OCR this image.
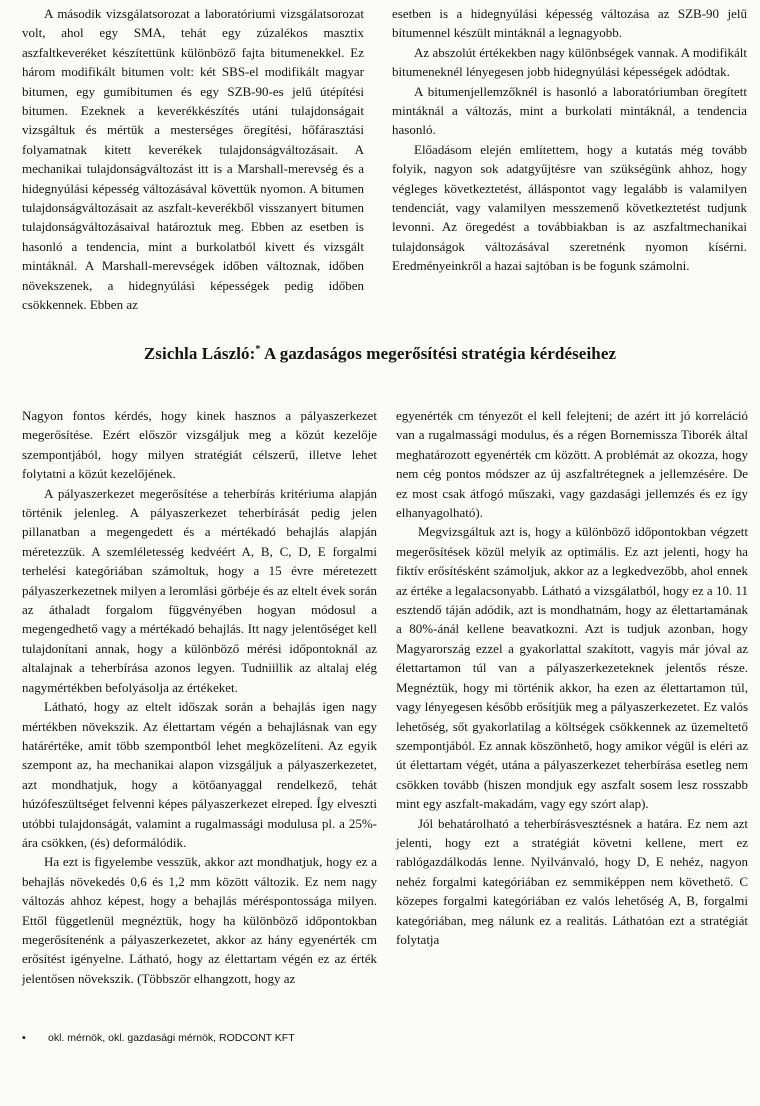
A második vizsgálatsorozat a laboratóriumi vizsgálatsorozat volt, ahol egy SMA, tehát egy zúzalékos masztix aszfaltkeveréket készítettünk különböző fajta bitumenekkel. Ez három modifikált bitumen volt: két SBS-el modifikált magyar bitumen, egy gumibitumen és egy SZB-90-es jelű útépítési bitumen. Ezeknek a keverékkészítés utáni tulajdonságait vizsgáltuk és mértük a mesterséges öregítési, hőfárasztási folyamatnak kitett keverékek tulajdonságváltozásait. A mechanikai tulajdonságváltozást itt is a Marshall-merevség és a hidegnyúlási képesség változásával követtük nyomon. A bitumen tulajdonságváltozásait az aszfalt-keverékből visszanyert bitumen tulajdonságváltozásaival határoztuk meg. Ebben az esetben is hasonló a tendencia, mint a burkolatból kivett és vizsgált mintáknál. A Marshall-merevségek időben változnak, időben növekszenek, a hidegnyúlási képességek pedig időben csökkennek. Ebben az

esetben is a hidegnyúlási képesség változása az SZB-90 jelű bitumennel készült mintáknál a legnagyobb.

Az abszolút értékekben nagy különbségek vannak. A modifikált bitumeneknél lényegesen jobb hidegnyúlási képességek adódtak.

A bitumenjellemzőknél is hasonló a laboratóriumban öregített mintáknál a változás, mint a burkolati mintáknál, a tendencia hasonló.

Előadásom elején említettem, hogy a kutatás még tovább folyik, nagyon sok adatgyűjtésre van szükségünk ahhoz, hogy végleges következtetést, álláspontot vagy legalább is valamilyen tendenciát, vagy valamilyen messzemenő következtetést tudjunk levonni. Az öregedést a továbbiakban is az aszfaltmechanikai tulajdonságok változásával szeretnénk nyomon kísérni. Eredményeinkről a hazai sajtóban is be fogunk számolni.

Zsichla László:* A gazdaságos megerősítési stratégia kérdéseihez

Nagyon fontos kérdés, hogy kinek hasznos a pályaszerkezet megerősítése. Ezért először vizsgáljuk meg a közút kezelője szempontjából, hogy milyen stratégiát célszerű, illetve lehet folytatni a közút kezelőjének.

A pályaszerkezet megerősítése a teherbírás kritériuma alapján történik jelenleg. A pályaszerkezet teherbírását pedig jelen pillanatban a megengedett és a mértékadó behajlás alapján méretezzük. A szemléletesség kedvéért A, B, C, D, E forgalmi terhelési kategóriában számoltuk, hogy a 15 évre méretezett pályaszerkezetnek milyen a leromlási görbéje és az eltelt évek során az áthaladt forgalom függvényében hogyan módosul a megengedhető vagy a mértékadó behajlás. Itt nagy jelentőséget kell tulajdonítani annak, hogy a különböző mérési időpontoknál az altalajnak a teherbírása azonos legyen. Tudniillik az altalaj elég nagymértékben befolyásolja az értékeket.

Látható, hogy az eltelt időszak során a behajlás igen nagy mértékben növekszik. Az élettartam végén a behajlásnak van egy határértéke, amit több szempontból lehet megközelíteni. Az egyik szempont az, ha mechanikai alapon vizsgáljuk a pályaszerkezetet, azt mondhatjuk, hogy a kötőanyaggal rendelkező, tehát húzófeszültséget felvenni képes pályaszerkezet elreped. Így elveszti utóbbi tulajdonságát, valamint a rugalmassági modulusa pl. a 25%-ára csökken, (és) deformálódik.

Ha ezt is figyelembe vesszük, akkor azt mondhatjuk, hogy ez a behajlás növekedés 0,6 és 1,2 mm között változik. Ez nem nagy változás ahhoz képest, hogy a behajlás méréspontossága milyen. Ettől függetlenül megnéztük, hogy ha különböző időpontokban megerősítenénk a pályaszerkezetet, akkor az hány egyenérték cm erősítést igényelne. Látható, hogy az élettartam végén ez az érték jelentősen növekszik. (Többször elhangzott, hogy az

egyenérték cm tényezőt el kell felejteni; de azért itt jó korreláció van a rugalmassági modulus, és a régen Bornemissza Tiborék által meghatározott egyenérték cm között. A problémát az okozza, hogy nem cég pontos módszer az új aszfaltrétegnek a jellemzésére. De ez most csak átfogó műszaki, vagy gazdasági jellemzés és ez így elhanyagolható).

Megvizsgáltuk azt is, hogy a különböző időpontokban végzett megerősítések közül melyik az optimális. Ez azt jelenti, hogy ha fiktív erősítésként számoljuk, akkor az a legkedvezőbb, ahol ennek az értéke a legalacsonyabb. Látható a vizsgálatból, hogy ez a 10. 11 esztendő táján adódik, azt is mondhatnám, hogy az élettartamának a 80%-ánál kellene beavatkozni. Azt is tudjuk azonban, hogy Magyarország ezzel a gyakorlattal szakított, vagyis már jóval az élettartamon túl van a pályaszerkezeteknek jelentős része. Megnéztük, hogy mi történik akkor, ha ezen az élettartamon túl, vagy lényegesen később erősítjük meg a pályaszerkezetet. Ez valós lehetőség, sőt gyakorlatilag a költségek csökkennek az üzemeltető szempontjából. Ez annak köszönhető, hogy amikor végül is eléri az út élettartam végét, utána a pályaszerkezet teherbírása esetleg nem csökken tovább (hiszen mondjuk egy aszfalt sosem lesz rosszabb mint egy aszfalt-makadám, vagy egy szórt alap).

Jól behatárolható a teherbírásvesztésnek a határa. Ez nem azt jelenti, hogy ezt a stratégiát követni kellene, mert ez rablógazdálkodás lenne. Nyilvánvaló, hogy D, E nehéz, nagyon nehéz forgalmi kategóriában ez semmiképpen nem követhető. C közepes forgalmi kategóriában ez valós lehetőség A, B, forgalmi kategóriában, meg nálunk ez a realitás. Láthatóan ezt a stratégiát folytatja

• okl. mérnök, okl. gazdasági mérnök, RODCONT KFT
